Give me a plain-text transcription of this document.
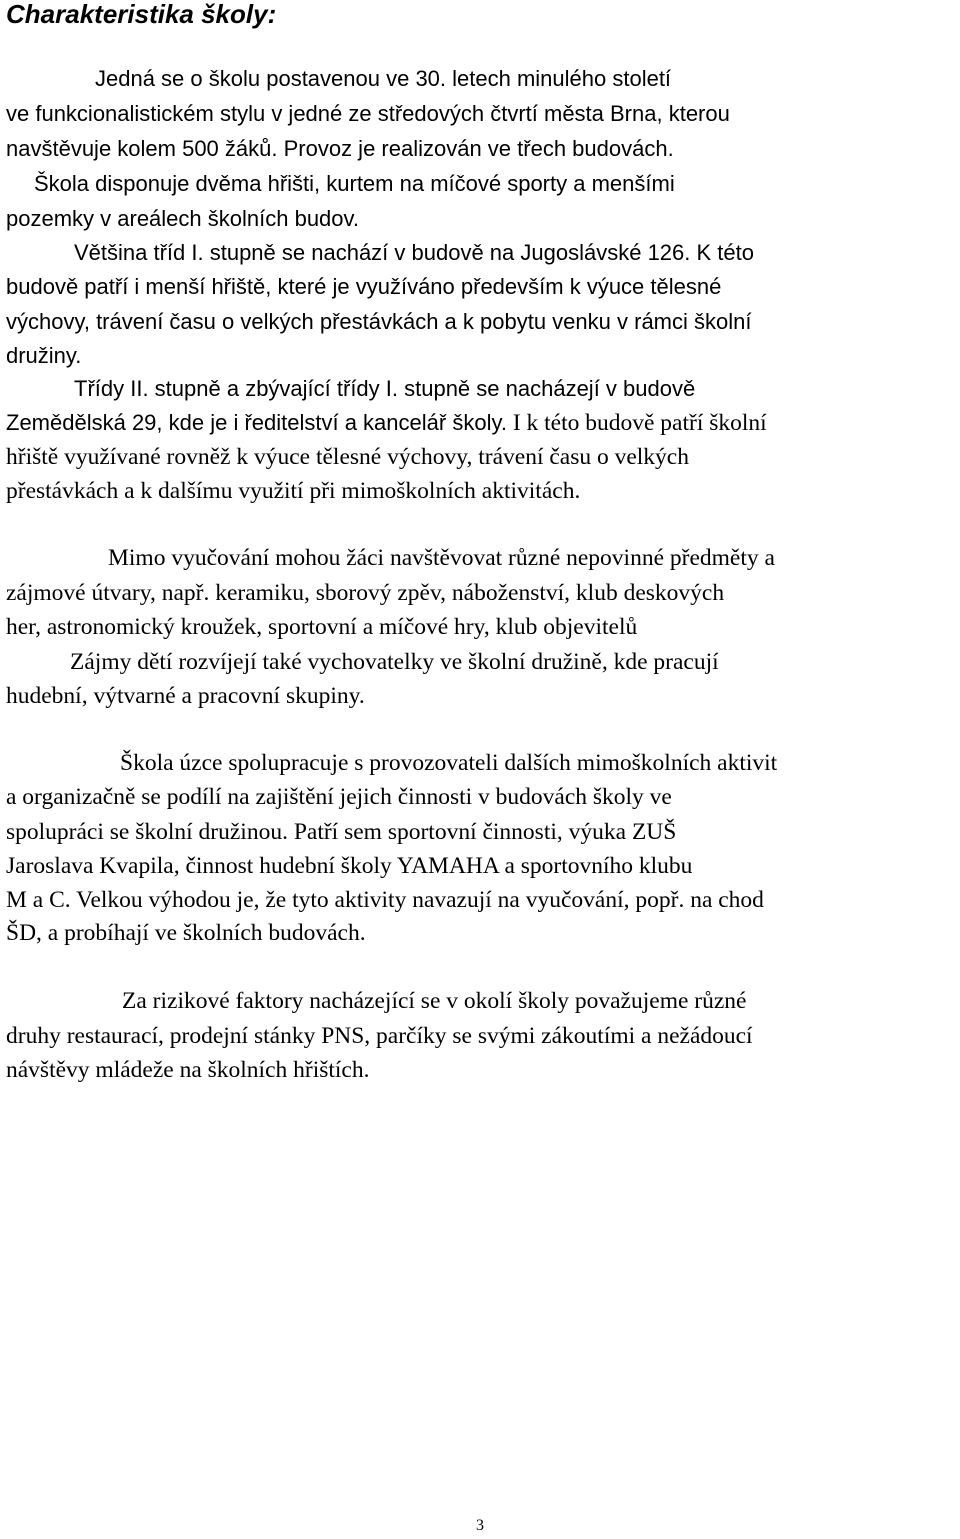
Charakteristika školy:

Jedná se o školu postavenou ve 30. letech minulého století

ve funkcionalistickém stylu v jedné ze středových čtvrtí města Brna, kterou

navštěvuje kolem 500 žáků. Provoz je realizován ve třech budovách.

Škola disponuje dvěma hřišti, kurtem na míčové sporty a menšími

pozemky v areálech školních budov.

Většina tříd I. stupně se nachází v budově na Jugoslávské 126. K této

budově patří i menší hřiště, které je využíváno především k výuce tělesné

výchovy, trávení času o velkých přestávkách a k pobytu venku v rámci školní

družiny.

Třídy II. stupně a zbývající třídy I. stupně se nacházejí v budově

Zemědělská 29, kde je i ředitelství a kancelář školy. I k této budově patří školní

hřiště využívané rovněž k výuce tělesné výchovy, trávení času o velkých

přestávkách a k dalšímu využití při mimoškolních aktivitách.

Mimo vyučování mohou žáci navštěvovat různé nepovinné předměty a

zájmové útvary, např. keramiku, sborový zpěv, náboženství, klub deskových

her, astronomický kroužek, sportovní a míčové hry, klub objevitelů

Zájmy dětí rozvíjejí také vychovatelky ve školní družině, kde pracují

hudební, výtvarné a pracovní skupiny.

Škola úzce spolupracuje s provozovateli dalších mimoškolních aktivit

a organizačně se podílí na zajištění jejich činnosti v budovách školy ve

spolupráci se školní družinou. Patří sem sportovní činnosti, výuka ZUŠ

Jaroslava Kvapila, činnost hudební školy YAMAHA a sportovního klubu

M a C. Velkou výhodou je, že tyto aktivity navazují na vyučování, popř. na chod

ŠD, a probíhají ve školních budovách.

Za rizikové faktory nacházející se v okolí školy považujeme různé

druhy restaurací, prodejní stánky PNS, parčíky se svými zákoutími a nežádoucí

návštěvy mládeže na školních hřištích.

3
